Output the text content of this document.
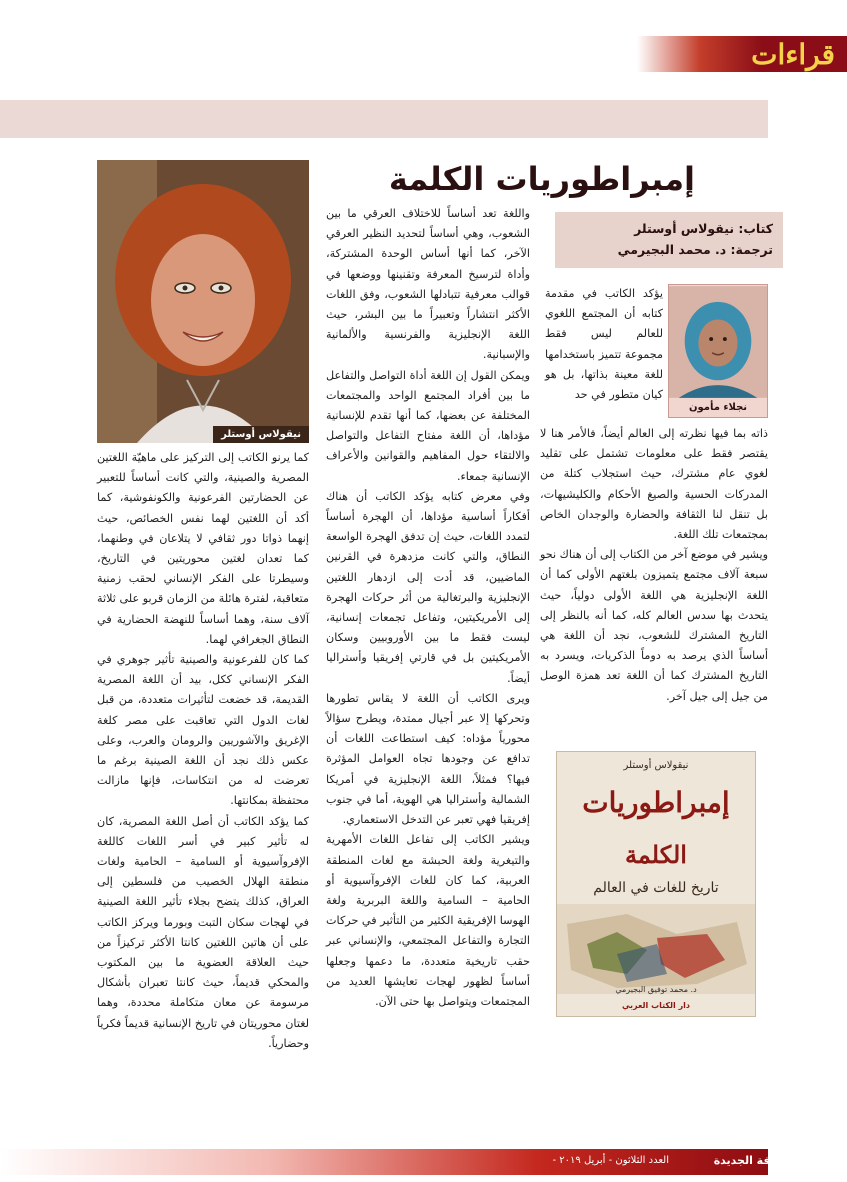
قراءات
إمبراطوريات الكلمة
كتاب: نيقولاس أوستلر
ترجمة: د. محمد البجيرمي
نجلاء مأمون
نيقولاس أوستلر

يؤكد الكاتب في مقدمة كتابه أن المجتمع اللغوي للعالم ليس فقط مجموعة تتميز باستخدامها للغة معينة بذاتها، بل هو كيان متطور في حد

ذاته بما فيها نظرته إلى العالم أيضاً، فالأمر هنا لا يقتصر فقط على معلومات تشتمل على تقليد لغوي عام مشترك، حيث استجلاب كتلة من المدركات الحسية والصيغ الأحكام والكليشيهات، بل تنقل لنا الثقافة والحضارة والوجدان الخاص بمجتمعات تلك اللغة.

ويشير في موضع آخر من الكتاب إلى أن هناك نحو سبعة آلاف مجتمع يتميزون بلغتهم الأولى كما أن اللغة الإنجليزية هي اللغة الأولى دولياً، حيث يتحدث بها سدس العالم كله، كما أنه بالنظر إلى التاريخ المشترك للشعوب، نجد أن اللغة هي أساساً الذي يرصد به دوماً الذكريات، ويسرد به التاريخ المشترك كما أن اللغة تعد همزة الوصل من جيل إلى جيل آخر.

واللغة تعد أساساً للاختلاف العرقي ما بين الشعوب، وهي أساساً لتحديد النظير العرقي الآخر، كما أنها أساس الوحدة المشتركة، وأداة لترسيخ المعرفة وتقنينها ووضعها في قوالب معرفية تتبادلها الشعوب، وفق اللغات الأكثر انتشاراً وتعبيراً ما بين البشر، حيث اللغة الإنجليزية والفرنسية والألمانية والإسبانية.

ويمكن القول إن اللغة أداة التواصل والتفاعل ما بين أفراد المجتمع الواحد والمجتمعات المختلفة عن بعضها، كما أنها تقدم للإنسانية مؤداها، أن اللغة مفتاح التفاعل والتواصل والالتقاء حول المفاهيم والقوانين والأعراف الإنسانية جمعاء.

وفي معرض كتابه يؤكد الكاتب أن هناك أفكاراً أساسية مؤداها، أن الهجرة أساساً لتمدد اللغات، حيث إن تدفق الهجرة الواسعة النطاق، والتي كانت مزدهرة في القرنين الماضيين، قد أدت إلى ازدهار اللغتين الإنجليزية والبرتغالية من أثر حركات الهجرة إلى الأمريكيتين، وتفاعل تجمعات إنسانية، ليست فقط ما بين الأوروبيين وسكان الأمريكيتين بل في قارتي إفريقيا وأستراليا أيضاً.

ويرى الكاتب أن اللغة لا يقاس تطورها وتحركها إلا عبر أجيال ممتدة، ويطرح سؤالاً محورياً مؤداه: كيف استطاعت اللغات أن تدافع عن وجودها تجاه العوامل المؤثرة فيها؟ فمثلاً، اللغة الإنجليزية في أمريكا الشمالية وأستراليا هي الهوية، أما في جنوب إفريقيا فهي تعبر عن التدخل الاستعماري.

ويشير الكاتب إلى تفاعل اللغات الأمهرية والتيغرية ولغة الحبشة مع لغات المنطقة العربية، كما كان للغات الإفروآسيوية أو الحامية – السامية واللغة البربرية ولغة الهوسا الإفريقية الكثير من التأثير في حركات التجارة والتفاعل المجتمعي، والإنساني عبر حقب تاريخية متعددة، ما دعمها وجعلها أساساً لظهور لهجات تعايشها العديد من المجتمعات ويتواصل بها حتى الآن.

كما يرنو الكاتب إلى التركيز على ماهيّة اللغتين المصرية والصينية، والتي كانت أساساً للتعبير عن الحضارتين الفرعونية والكونفوشية، كما أكد أن اللغتين لهما نفس الخصائص، حيث إنهما ذواتا دور ثقافي لا يتلاعان في وطنهما، كما تعدان لغتين محوريتين في التاريخ، وسيطرتا على الفكر الإنساني لحقب زمنية متعاقبة، لفترة هائلة من الزمان قربو على ثلاثة آلاف سنة، وهما أساساً للنهضة الحضارية في النطاق الجغرافي لهما.

كما كان للفرعونية والصينية تأثير جوهري في الفكر الإنساني ككل، بيد أن اللغة المصرية القديمة، قد خضعت لتأثيرات متعددة، من قبل لغات الدول التي تعاقبت على مصر كلغة الإغريق والآشوريين والرومان والعرب، وعلى عكس ذلك نجد أن اللغة الصينية برغم ما تعرضت له من انتكاسات، فإنها مازالت محتفظة بمكانتها.

كما يؤكد الكاتب أن أصل اللغة المصرية، كان له تأثير كبير في أسر اللغات كاللغة الإفروآسيوية أو السامية – الحامية ولغات منطقة الهلال الخصيب من فلسطين إلى العراق، كذلك يتضح بجلاء تأثير اللغة الصينية في لهجات سكان التبت وبورما ويركز الكاتب على أن هاتين اللغتين كانتا الأكثر تركيزاً من حيث العلاقة العضوية ما بين المكتوب والمحكي قديماً، حيث كانتا تعبران بأشكال مرسومة عن معان متكاملة محددة، وهما لغتان محوريتان في تاريخ الإنسانية قديماً فكرياً وحضارياً.

نيقولاس أوستلر
إمبراطوريات
الكلمة
تاريخ للغات في العالم
د. محمد توفيق البجيرمي
دار الكتاب العربي
١٣٨
الثقافة الجديدة
العدد الثلاثون - أبريل ٢٠١٩ -
